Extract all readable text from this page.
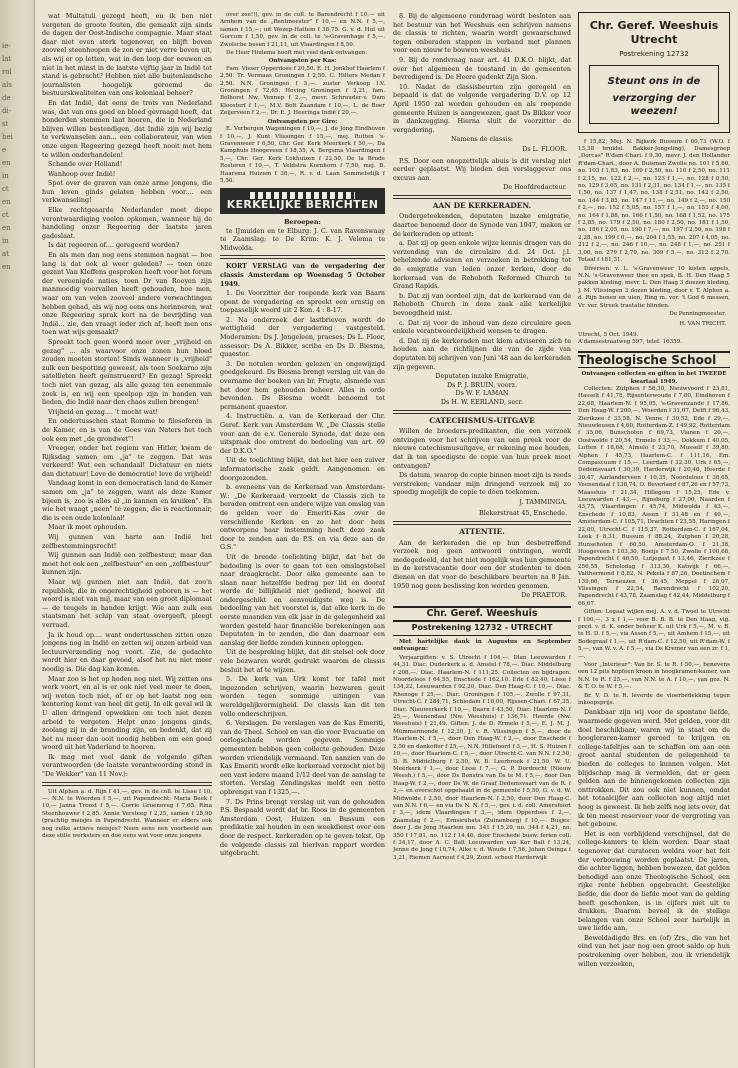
ie-
lat
rol
als
de
di-
st
hei
e
en
in
ct
en
ct
en
in
at
en

wat Multatuli gezegd heeft, en ik ben niet vergeten de groote fouten, die gemaakt zijn sinds de dagen der Oost-Indische compagnie. Maar staat daar niet even sterk tegenover, en blijft boven zooveel steenhoopen de zon er niet verre boven uit, als wij er op letten, wat in den loop der eeuwen en niet in het minst in de laatste vijftig jaar in Indië tot stand is gebracht? Hebben niet alle buitenlandsche journalisten hoogelijk geroemd de bestuurskwaliteiten van ons koloniaal beheer?

En dat Indië, dat eens de trots van Nederland was, dat van ons goed en bloed gevraagd heeft, dat honderden stemmen laat hooren, die in Nederland blijven willen bestendigen, dat Indië zijn wij bezig te verkwanselen aan... een collaborateur, van wien onze eigen Regeering gezegd heeft nooit met hem te willen onderhandelen!

Schande over Holland!

Wanhoop over Indië!

Spot over de graven van onze arme jongens, die hun leven ginds gelaten hebben voor.... een verkwanseling!

Elke rechtgeaarde Nederlander moet diepe verontwaardiging voelen opkomen, wanneer hij de handeling onzer Regeering der laatste jaren gadeslaat.

Is dat regeeren of.... geregeerd worden?

En als men dan nog eens stemmen nagaat — hoe lang is dat ook al weer geleden? — toen onze gezant Van Kleffens gesproken heeft voor het forum der vereenigde naties, toen Dr van Rooyen zijn manmoedig voorvallen heeft gehouden, hoe men, waar om van velen zooveel andere verwachtingen hebben gehad, als wij nog eens ons herinneren, wat onze Regeering sprak kort na de bevrijding van Indië... zie, dan vraagt ieder zich af, heeft men ons toen wat wijs gemaakt?

Spreekt toch geen woord meer over „vrijheid en gezag" ... als waarvoor onze zonen hun bloed zouden moeten storten! Sinds wanneer is „vrijheid" zulk een bespotting geweest, als toen Soekarno zijn satellieten heeft geïnstrueerd? En gezag! Spreekt toch niet van gezag, als alle gezag ten eenenmale zoek is, en wij een speelpop zijn in handen van lieden, die Indië naar den chaos zullen brengen!

Vrijheid en gezag.... 't mocht wat!

En ondertusschen staat Romme te filosoferen in de Kamer, en is van de Goes van Naters het toch ook een met „de grondwet"!

Vreeger, onder het regiem van Hitler, kwam de Rijksdag samen om „ja" te zeggen. Dat was verkeerd! Wat een schandaal! Dictatuur en niets dan dictatuur! Leve de democratie! leve de vrijheid!

Vandaag komt in een democratisch land de Kamer samen om „ja" te zeggen, want als deze Kamer bijeen is, zoo is alles al „in kannen en kruiken". En wie het waagt „neen" te zeggen, die is reactionnair, die is een oude koloniaal!

Maar ik moet ophouden.

Wij gunnen van harte aan Indië het zelfbestemmingsrecht!

Wij gunnen aan Indië een zelfbestuur, maar dan moet het ook een „zelfbestuur" en een „zelfbestuur" kunnen zijn.

Maar wij gunnen niet aan Indië, dat zoo'n republiek, die in ongerechtigheid geboren is — het woord is niet van mij, maar van een groot diplomaat — de teugels in handen krijgt. Wie aan zulk een staatsman het schip van staat overgeeft, pleegt verraad.

Ja ik houd op.... want ondertusschen zitten onze jongens nog in Indië en zetten wij onzen arbeid van lectuurverzending nog voort. Zie, de gedachte wordt hier en daar gevoed, alsof het nu niet meer noodig is. Die dag kan komen.

Maar zoo is het op heden nog niet. Wij zetten ons werk voort, en al is er ook niet veel meer te doen, wij weten toch niet, of er op het laatst nog een kentering komt van heel dit getij. In elk geval wil ik U allen dringend opwekken om toch niet dezen arbeid te vergeten. Helpt onze jongens ginds, zoolang zij in de branding zijn, en bedenkt, dat zij het nu meer dan ooit noodig hebben om een goed woord uit het Vaderland te hooren.

Ik mag met veel dank de volgende giften verantwoorden (de laatste verantwoording stond in "De Wekker" van 11 Nov.):

Uit Alphen a. d. Rijn f 41,—, gev. in de coll. te Lisse f 10,—. N.N. te Woerden f 5,—, uit Papendrecht: Maria Beek f 10,— Janna Troost f 5,—. Corrie Groeneveg f 7,65. Rina Steenhouwer f 2,85. Annie Versteeg f 2,25, samen f 28,90 (prachtig meisjes in Papendrecht. Wanneer er elders ook nog zulke actieve meisjes? Neen eens een voorbeeld aan deze stille werksters en doe eens wat voor onze jongens

over zee!!), gev. in de coll. te Barendrecht f 10,— uit Arnhem van de „Rentmeester" f 10,— en N.N. f 5,—, samen f 15,—; uit Wezep-Hattem f 38,75. G. v. d. Hul uit Gorcum f 1,50, gev. in de coll. te 's-Gravenhage f 5,—. Zwolsche busen f 21,11, uit Vlaardingen f 8,50.

De Heer Hiulema hooft met veel dank ontvangen:

Ontvangsten per Kas:

Fam. Visser Opperdoes f 20,50. E. H. Jonkhof Haarlem f 2,50. Tr. Vermaas Groningen f 2,50. C. Hilters Medan f 2,50. N.N. Groningen f 5,—. zuster Verkoop I.V. Groningen f 72,65. Hoving Groningen f 2,21, fam. Bolhorst Nw. Vennep f 2,—, mevr. Schreuder-v. Dam Kloosterf f 1,—, M.V. Bolt Zaandam f 10,—, L. de Boer Zeijerveen f 2,—, Dr. E. J. Heeringa Indië f 20,—.

Ontvangsten per Giro:

E. Verbergen Wageningen f 10,—, J. de Jong Eindhoven f 10,—, J. Kunt Vlissingen f 15,—, mej. Rutten 's-Gravenweer f 6,50, Chr. Ger. Kerk Meerkerk f 50,—, Da Kamphuis Hoogeveen f 18,35, A. Bergsma Vlaardingen f 5,—, Chr. Ger. Kerk Lokhuizen f 22,50, De la Brude Rosteren f 10,—, T. Veldstra Kornhorn f 7,50, mej. B. Haarsma Huizum f 38,—, R. v. d. Laan Sommelsdijk f 5,50.

KERKELIJKE BERICHTEN
Beroepen:

te IJmuiden en te Elburg: J. C. van Ravenswaay te Zaamslag; te De Krim: K. J. Velema te Midwolda.

KORT VERSLAG van de vergadering der classis Amsterdam op Woensdag 5 October 1949.

1. De Voorzitter der roepende kerk van Baarn opent de vergadering en spreekt een ernstig en toepasselijk woord uit 2 Kon. 4 : 8-17.

2. Na onderzoek der lastbrieven wordt de wettigheid der vergadering vastgesteld. Moderamen: Ds J. Jongeleen, praeses; Ds L. Floor, assessor; Ds A. Bikker, scriba en Ds D. Biesma, quaestor.

3. De notulen worden gelezen en ongewijzigd goedgekeurd. Ds Biesma brengt verslag uit van de overname der boeken van br. Frugte, alsmede van het door hem gehouden beheer. Alles in orde bevonden. Ds Biesma wordt benoemd tot permanent quaestor.

4. Instructiën. a. van de Kerkeraad der Chr. Geref. Kerk van Amsterdam W. „De Classis stelle voor aan de e.v. Generale Synode, dat deze een uitspraak doe omtrent de bedoeling van art. 69 der D.K.O."

Uit de toelichting blijkt, dat het hier een zuiver informatorische zaak geldt. Aangenomen en doorgezonden.

b. eveneens van de Kerkeraad van Amsterdam-W.: „De Kerkeraad verzoekt de Classis zich te beraden omtrent een andere wijze van omslag van de gelden voor de Emeriti-Kas over de verschillende Kerken en zo het door hem ontworpene haar instemming heeft deze zaak door te zenden aan de P.S. en via deze aan de G.S."

Uit de breede toelichting blijkt, dat het de bedoeling is over te gaan tot een omslagstelsel naar draagkracht. Door elke gemeente aan te slaan naar hetzelfde bedrag per lid en dooraf worde de billijkheid niet gediend, hoewel dit ondergeschikt en eenvoudigste weg is. De bedoeling van het voorstel is, dat elke kerk in de eerste maanden van elk jaar in de gelegenheid zal worden gesteld haar financiële berekeningen aan Deputaten in te zenden, die dan daarnaar een aanslag der liefde zouden kunnen opleggen.

Uit de bespreking blijkt, dat dit stelsel ook door vele bezwaren wordt gedrukt waarom de classis besluit het af te wijzen.

5. De kerk van Urk komt ter tafel met ingezonden schrijven, waarin bezwaren geuit worden tegen sommige uitingen van wereldgelijkvormigheid. De classis kan dit ten volle onderschrijven.

6. Verslagen. De verslagen van de Kas Emeriti, van de Theol. School en van die voor Evacuatie en oorlogschade worden gegeven. Sommige gemeenten hebben geen collecte gehouden. Deze worden vriendelijk vermaand. Ten aanzien van de Kas Emeriti wordt elke kerkeraad verzocht niet bij een vast iedere maand 1/12 deel van de aanslag te storten. Verslag Zendingskas meldt een netto opbrengst van f 1325,—.

7. Ds Prins brengt verslag uit van de gehouden P.S. Bespaald wordt dat br. Roos in de gemeenten Amsterdam Oost, Huizen en Bussum een predikatie zal houden in een weekdienst over een door de respect. kerkeraden op te geven tekst. Op de volgende classis zal hierlvan rapport worden uitgebracht.

8. Bij de algemeene rondvraag wordt besloten aan het bestuur van het Weeshuis een schrijven namens de classis te richten, waarin wordt gewaarschuwd tegen onberaden stappen in verband met plannen voor een nieuw te bouwen weeshuis.

9. Bij de rondvraag naar art. 41 D.K.O. blijkt, dat over het algemeen de toestand in de gemeenten bevredigend is. De Heere gedenkt Zijn Sion.

10. Nadat de classisbeurten zijn geregeld en bepaald is dat de volgende vergadering D.V. op 12 April 1950 zal worden gehouden en als roepende gemeente Huizen is aangewezen, gaat Ds Bikker voor in dankzegging. Hierna sluit de voorzitter de vergadering.

Namens de classis:
Ds L. FLOOR.

P.S. Door een onopzettelijk abuis is dit verslag niet eerder geplaatst. Wij bieden den verslaggever ons excuus aan.

De Hoofdredacteur.
AAN DE KERKERADEN.

Ondergeteekenden, deputaten inzake emigratie, daartoe benoemd door de Synode van 1947, maken er de kerkeraden op attent:

a. Dat zij op geen enkele wijze kennis dragen van de verzending van de circulaire d.d. 24 Oct. j.l. behelzende adviezen en verzoeken in betrekking tot de emigratie van leden onzer kerken, door de kerkeraad van de Rehoboth Reformed Church te Grand Rapids.

b. Dat zij van oordeel zijn, dat de kerkeraad van de Rehoboth Church in deze zaak alle kerkelijke bevoegdheid mist.

c. Dat zij voor de inhoud van deze circulaire geen enkele verantwoordelijkheid wensen te dragen.

d. Dat zij de kerkeraden met klem adviseren zich te houden aan de richtlijnen die van de zijde van deputaten bij schrijven van Juni '48 aan de kerkeraden zijn gegeven.

Deputaten inzake Emigratie,
Ds P. J. BRUIN, voorz.
Ds W. F. LAMAN
Ds H. W. EERLAND, secr.
CATECHISMUS-UITGAVE

Willen de broeders-predikanten, die een verzoek ontvingen voor het schrijven van een preek voor de nieuwe catechismusuitgave, er rekening mee houden, dat ik ten spoedigste de copie van hun preek moet ontvangen?

Ds datum, waarop de copie binnen moet zijn is reeds verstreken; vandaar mijn dringend verzoek mij zo spoedig mogelijk de copie te doen toekomen.

J. TAMMINGA.
Blekerstraat 45, Enschede.
ATTENTIE.

Aan de kerkeraden die op hun desbetreffend verzoek nog geen antwoord ontvingen, wordt medegedeeld, dat het niet mogelijk was hun gemeente in de kerstvacantie door een der studenten te doen dienen en dat voor de beschikbare beurten na 8 Jan. 1950 nog geen beslissing kon worden genomen.

De PRAETOR.
Chr. Geref. Weeshuis
Postrekening 12732 - UTRECHT

Met hartelijke dank in Augustus en September ontvangen:

Verjaargiften: v. S. Utrecht f 104,—. Dlan Leeuwarden f 44,31. Diac. Ouderkerk a. d. Amstel f 78,—. Diac. Middelburg f 208,—. Diac. Haarlem-N. f 111,25. Collecten en bijdragen: Noordeloos f 64,55, Enschede f 162,10. Ede f 82,40, Lisse f 134,22, Leeuwarden f 92,20, Diac. Den Haag-C. f 10,—. Diac. Rhenoge f 25,—. Diac. Groningen f 105,—. Zwolle f 97,31, Utrecht-C. f 284,71, Schiedam f 18,00, Rijssen-Chari. f 67,35, Diac. Nieuwerkerk f 10,—, Baarn f 43,50, Diac. Haarlem-N. f 25,—, Veenendaal (Nw. Weeshuis) f 136,71. Heerde (Nw. Weeshuis) f 21,49. Giften: J. de D. Ermelo f 5,—, E. J. M. J. Mümmermonde f 12,30, J. v. R. Vlissingen f 5,—, door de Haarlem-N. f 5,—, door Den Haag-W. f 2,—, door Enschede f 2,50 en dankoffer f 25,—, N.N. Hillefoord f 3,—, H. S. Huizen f 10,—, door Haarlem-C. f 5,—, door Utrecht-C. van N.N. f 2,50, D. B. Middelburg f 2,50, W. B. Leerbroek f 21,50, W. U. Meerkerk f 1,—, door Lisse f 7,—, G. P. Dordrecht (Nieuw Weesh.) f 5,—, door Ds Bonstra van Ds te M. f 5,—, door Den Haag-W. f 2,—, door Ds W. de Graaf Dedemsvaart van de R. f 2,— en overschot opgehaald in de gemeente f 5,50, G. v. d. W. Midwolde f 2,50, door Haarlem-N. f 2,50, door Den Haag-C. van N.N. f 6,— en via Ds N. N. f 5,—, gev. i. d. coll. Amersfoort f 3,—, idem Vlaardingen f 3,—, idem Opperdoes f 2,—, Zaamslag f 2,—, Ernsicuhata (Zuinenburg) f 10,—. Busjes: door J. de Jong Haarlem mn. 341 f 15,20, no. 344 f 4,21, no. 350 f 17,81, no. 112 f 14,46, door Enschede busw. ferien coll. f 34,17, door A. C. Balt Leeuwarden van Kor Balt f 13,24, Jenne de Jong f 10,74, Alke v. d. Woude f 7,56, Johan Osinga f 3,21, Riemen Aarnout f 4,29, Zond. school Harderwijk

Chr. Geref. Weeshuis
Utrecht
Postrekening 12732
Steunt ons in de
verzorging der weezen!

f 15,82, Mej. N. Bijkerk Bussum f 60,73 (W.O. f 13,38 bruidsl. Bakker-Jongeling), Damesgroep „Dorcas" R'dam-Chari. f 9,30, mevr. J. den Hollander R'dam-Chari., door A. Buisman Zwolle no. 101 f 5,80, no. 103 f 1,83, no. 109 f 2,50, no. 110 f 2,50, no. 111 f 2,15, no. 122 f 2,—, no. 123 f 1,—, no. 128 f 0,50, no. 129 f 3,65, no. 131 f 2,31, no. 134 f 1,—, no. 135 f 1,50, no. 137 f 1,47, no. 138 f 2,51, no. 142 f 2,50, no. 144 f 3,85, no. 147 f 11,—, no. 149 f 2,—, no. 150 f 2,—, no. 152 f 5,05, no. 157 f 1,—, no. 153 f 4,00, no. 164 f 1,88, no. 166 f 1,50, no. 168 f 1,52, no. 175 f 2,85, no. 179 f 2,50, no. 180 f 2,50, no. 181 f 1,50, no. 186 f 2,05, no. 190 f 7,—, no. 197 f 2,50, no. 198 f 2,28, no. 199 f 0,—, no. 204 f 1,55, no. 207 f 4,05, no. 212 f 2,—, no. 246 f 10,—, no. 248 f 1,—, no. 251 f 3,00, no. 279 f 2,79, no. 309 f 5,—, no. 312 f 2,70. Totaal f 181,31.

Diversen: v. L. 's-Gravenweer 10 kisten appels, N.N. 's-Gravenweer thee en spek, B. H. Den Haag 5 pakken kleding, mevr. L. Den Haag 3 doezen kleding, J. M. Vlissingen 3 dozen kleding, door v. T. Alphen a. d. Rijn bonen en uien, Ring m. vor. 't God 6 messen, Vr. ver. Streek traetatie blinden.

De Penningmeester,
H. VAN TRICHT.
Utrecht, 5 Oct. 1949.
A'damsestraatweg 597, telef. 16359.
Theologische School
Ontvangen collecten en giften in het TWEEDE kwartaal 1949.

Collecten: Zutphen f 58,30, Nieuwvoord f 23,81, Hasselt f 41,78, Rijsenterwoude f 7,80, Eindhoven f 22,68, Haarlem-N. f 95,05, 's-Gravenzande f 17,86, Den Haag-W. f 200,—, Woerden f 31,07, Delft f 96,43, Zierikzee f 33,58, N. Venne f 30,52, Ede f 29,—, Nieuwleusen f 4,60, Rotterdam-Z. f 49,92, Rotterdam f 35,06, Bunschoten f 69,73, Vianen f 20,—, Oostwolde f 20,54, Ermelo f 33,—, Dokkum f 40,05, Lutten f 18,68, Almelo f 23,70, Musself f 39,80, Alphen f 45,73, Haarlem-C. f 111,16, Em. Compascuum f 15,—, Leerdam f 32,30, Urk f 65,—, Dedemsvaart f 30,39, Harderwijk f 20,46, Heerde f 30,47, Aarlanderveen f 10,35, Noordeloos f 38,65, Veenendaal f 138,74, O. Beverland f 87,26 en f 57,73, Maassluis f 21,34, Hillegom f 15,25, Ede v. Leeuwarden f 43,—, Rijnsburg f 27,00, Naarden f 43,75, Vlaardingen f 45,74, Midwolda f 43,—, Enschede f 10,83, Assen f 31,48 en f 40,—, Amsterdam-C. f 105,71, Drachten f 23,55, Haringen f 22,00, Utrecht-C. f 115,37, Rotterdam-C. f 167,04, Leek f 8,31, Bussum f 88,24, Zutphen f 20,28, Hunsehoten f 60,50, Amsterdam-O. f 21,38, Hoogeveen f 103,30, Boeijs f 7,50, Zwolle f 100,68, Papendrecht f 46,50, Lutjegast f 13,46, Zierikzee f 256,55, Scholodag f 313,30, Katwijk f 66,—, Valthermond f 8,82, N. Pekela f 87,26, Doetinchem f 139,66, Terneuzen f 36,45, Meppel f 26,07, Vlissingen f 22,54, Barendrecht f 102,20, Papendrecht f 43,78, Zaamslag f 42,44, Middelburg f 66,67.

Giften: Legaat wijlen mej. A. v. d. Twoel te Utrecht f 100,—, 3 x f 1,— voor B. B. B. te Den Haag, vig. pred. v. d. K. onder beheer K. uit Urk f 5,—, M. v. B. te H. D. f 5,—, via Assen f 5,—, uit Amhem f 15,—, uit Bodegraaf f 1,—, uit R'dam-C. f 12,50, uit R'dam-W. f 5,—, van W. v. A. f 5,—, via Ds Kremer van een zr. f 1,—.

Voor „Interieur": Van br. S. te R. f 50,—, benevens een 12 pits hopfeen kroon in hoogkramen-kamer, van N.N. te R. f 25,—, van N.N. te A. f 10,—, van goz. N. & T. O. te W. f 5,—.

Br. V. D. te R. leverde de vloerbedekking tegen inkoopsprijs.

Dankbaar zijn wij voor de spontane liefde, waarmede gegeven werd. Met gelden, voor dit doel beschikbaar, waren wij in staat om de hoogleraren-kamer gereed te krijgen en college-tafeltjes aan te schaffen om aan een groot aantal studenten de gelegenheid te bieden de colleges te kunnen volgen. Met blijdschap mag ik vermelden, dat er geen gelden aan de binnengekomen collecten zijn onttrokken. Dit zou ook niet kunnen, omdat het totaalcijfer aan collecten nog altijd niet hoog is geweest. Ik heb zelfs nog iets over, dat ik ten meest reserveer voor de vergroting van het gebouw.

Het is een verblijdend verschijnsel, dat de college-kamers te klein worden. Daar staat tegenover dat curatoren weldra voor het feit der verbouwing worden geplaatst. De jaren, die achter liggen, hebben bewezen, dat gelden benodigd aan onze Theologische School, een rijke rente hebben opgebracht. Geestelijke liefde, die door de liefde moet van de gelding heeft geschonken, is in cijfers niet uit te drukken. Daarom beveel ik de stellige belangen van onze School zeer hartelijk in uwe liefde aan.

Beweldadigde Brs. en (of) Zrs., die van het eind van het jaar nog een groot saldo op hun postrekening over hebben, zou ik vriendelijk willen verzoeken,
